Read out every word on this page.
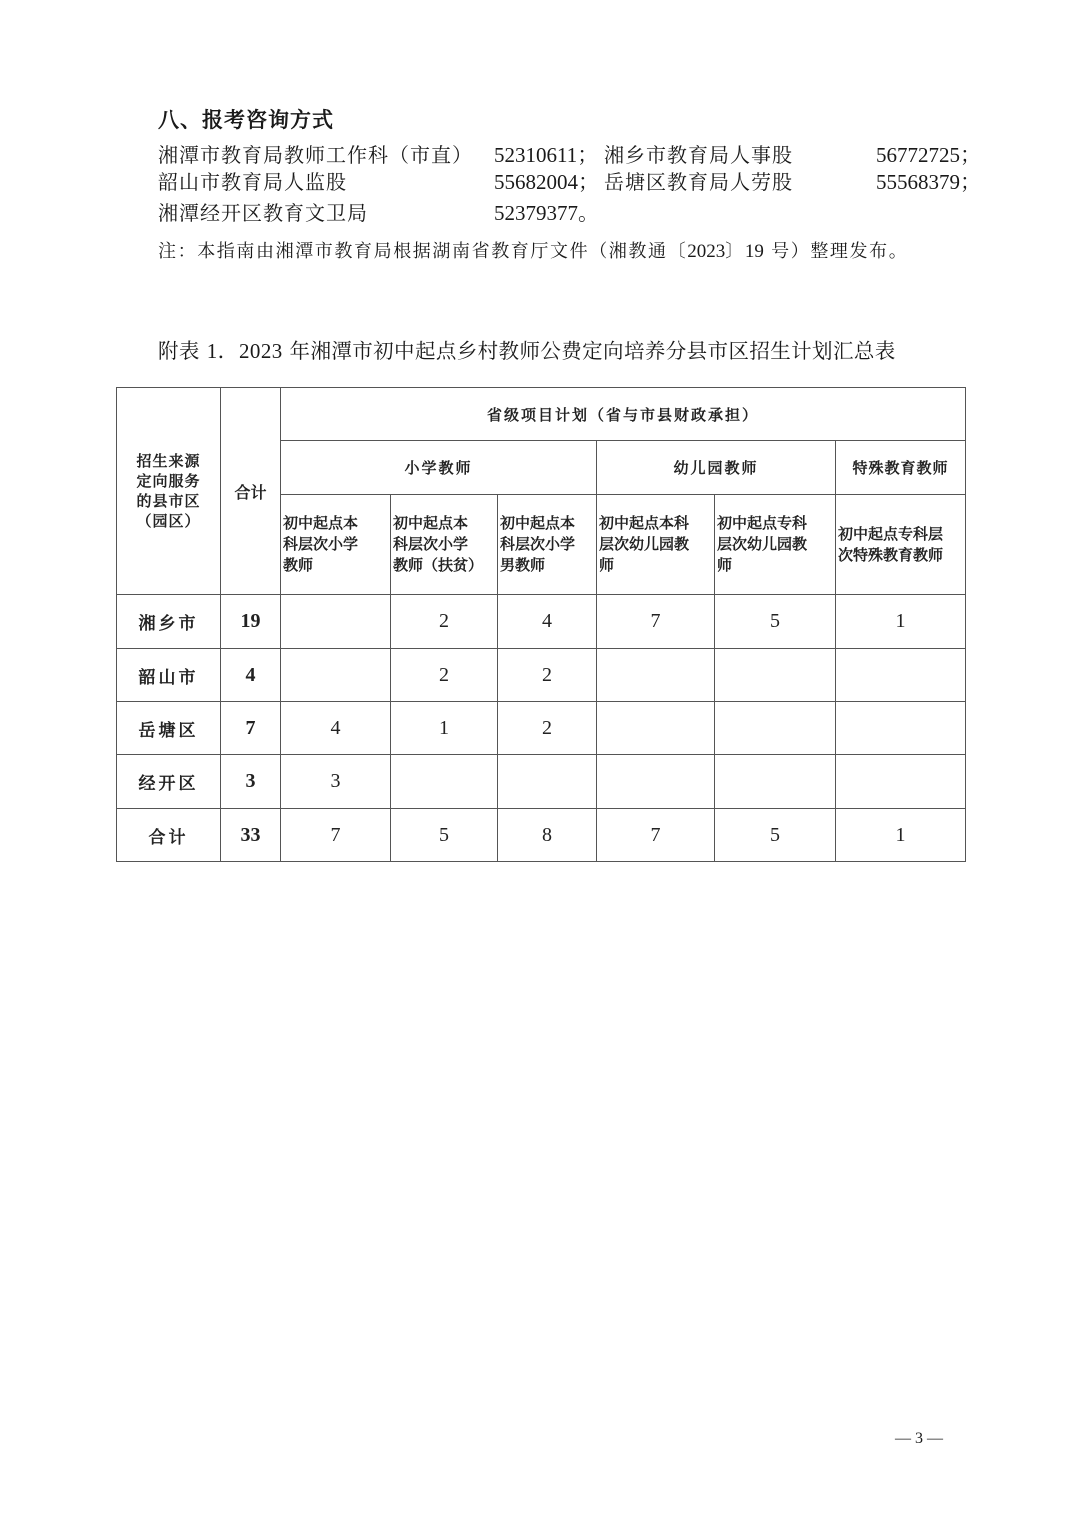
八、报考咨询方式
湘潭市教育局教师工作科（市直） 52310611； 湘乡市教育局人事股	56772725；
韶山市教育局人监股	55682004； 岳塘区教育局人劳股	55568379；
湘潭经开区教育文卫局	52379377。
注：本指南由湘潭市教育局根据湖南省教育厅文件（湘教通〔2023〕19 号）整理发布。
附表 1．2023 年湘潭市初中起点乡村教师公费定向培养分县市区招生计划汇总表
招生来源
定向服务
的县市区
（园区）	合计	省级项目计划（省与市县财政承担）					
		小学教师			幼儿园教师		特殊教育教师

初中起点本
科层次小学
教师

初中起点本
科层次小学
教师（扶贫）

初中起点本
科层次小学
男教师

初中起点本科
层次幼儿园教
师

初中起点专科
层次幼儿园教
师

初中起点专科层
次特殊教育教师

湘乡市	19		2	4	7	5	1
韶山市	4		2	2			
岳塘区	7	4	1	2			
经开区	3	3					
合计	33	7	5	8	7	5	1
— 3 —
